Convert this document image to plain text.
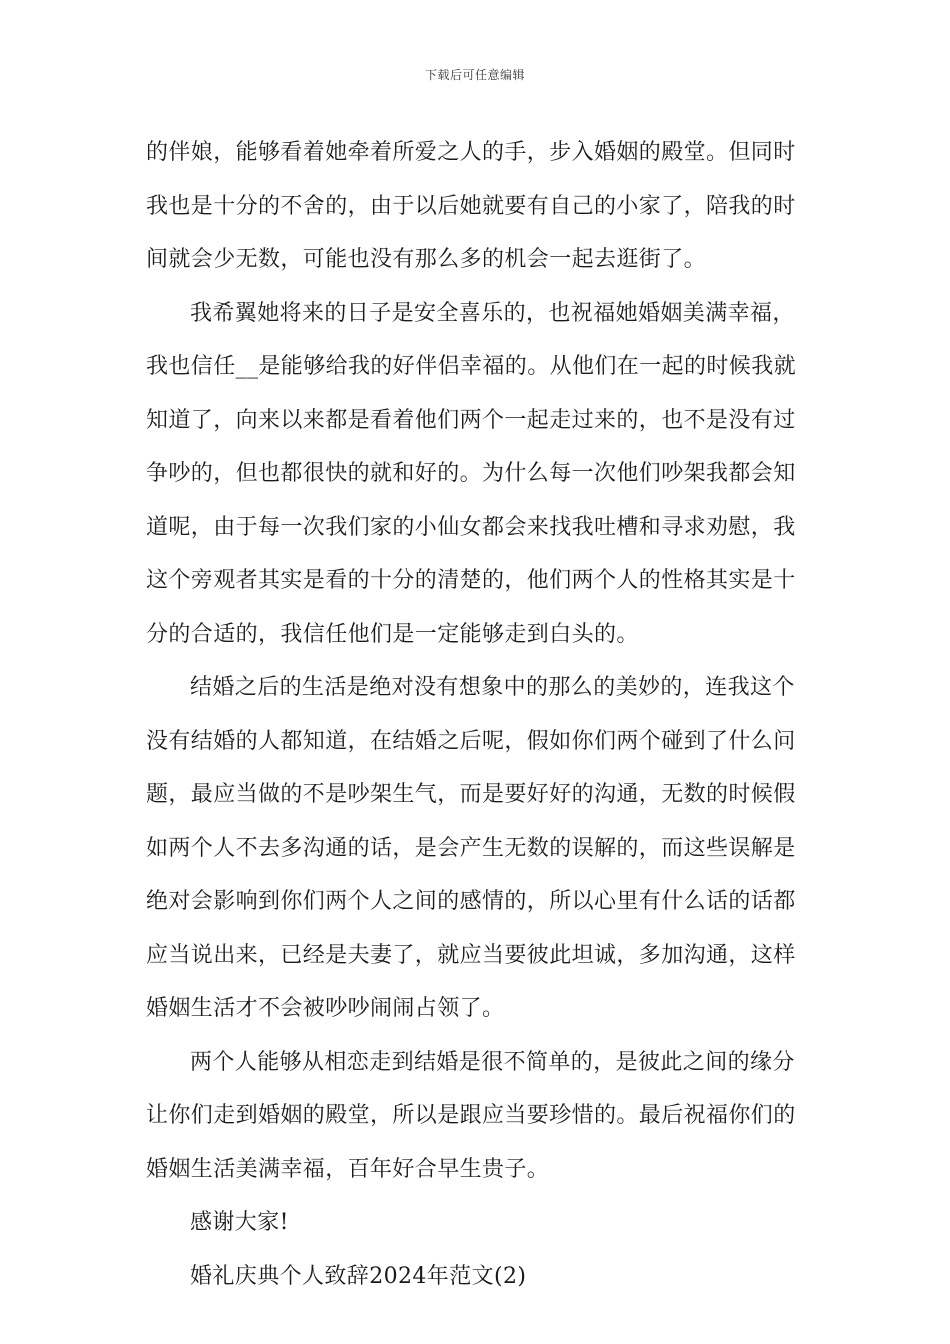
下载后可任意编辑
的伴娘，能够看着她牵着所爱之人的手，步入婚姻的殿堂。但同时
我也是十分的不舍的，由于以后她就要有自己的小家了，陪我的时
间就会少无数，可能也没有那么多的机会一起去逛街了。
我希翼她将来的日子是安全喜乐的，也祝福她婚姻美满幸福，
我也信任__是能够给我的好伴侣幸福的。从他们在一起的时候我就
知道了，向来以来都是看着他们两个一起走过来的，也不是没有过
争吵的，但也都很快的就和好的。为什么每一次他们吵架我都会知
道呢，由于每一次我们家的小仙女都会来找我吐槽和寻求劝慰，我
这个旁观者其实是看的十分的清楚的，他们两个人的性格其实是十
分的合适的，我信任他们是一定能够走到白头的。
结婚之后的生活是绝对没有想象中的那么的美妙的，连我这个
没有结婚的人都知道，在结婚之后呢，假如你们两个碰到了什么问
题，最应当做的不是吵架生气，而是要好好的沟通，无数的时候假
如两个人不去多沟通的话，是会产生无数的误解的，而这些误解是
绝对会影响到你们两个人之间的感情的，所以心里有什么话的话都
应当说出来，已经是夫妻了，就应当要彼此坦诚，多加沟通，这样
婚姻生活才不会被吵吵闹闹占领了。
两个人能够从相恋走到结婚是很不简单的，是彼此之间的缘分
让你们走到婚姻的殿堂，所以是跟应当要珍惜的。最后祝福你们的
婚姻生活美满幸福，百年好合早生贵子。
感谢大家!
婚礼庆典个人致辞2024年范文(2)
